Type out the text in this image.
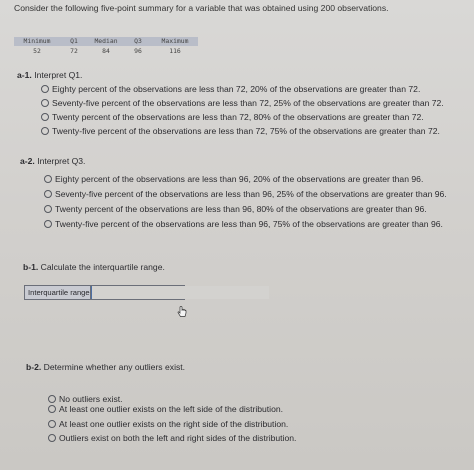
Consider the following five-point summary for a variable that was obtained using 200 observations.
Minimum	Q1	Median	Q3	Maximum
52	72	84	96	116
a-1. Interpret Q1.
Eighty percent of the observations are less than 72, 20% of the observations are greater than 72.
Seventy-five percent of the observations are less than 72, 25% of the observations are greater than 72.
Twenty percent of the observations are less than 72, 80% of the observations are greater than 72.
Twenty-five percent of the observations are less than 72, 75% of the observations are greater than 72.
a-2. Interpret Q3.
Eighty percent of the observations are less than 96, 20% of the observations are greater than 96.
Seventy-five percent of the observations are less than 96, 25% of the observations are greater than 96.
Twenty percent of the observations are less than 96, 80% of the observations are greater than 96.
Twenty-five percent of the observations are less than 96, 75% of the observations are greater than 96.
b-1. Calculate the interquartile range.
Interquartile range
b-2. Determine whether any outliers exist.
No outliers exist.
At least one outlier exists on the left side of the distribution.
At least one outlier exists on the right side of the distribution.
Outliers exist on both the left and right sides of the distribution.
